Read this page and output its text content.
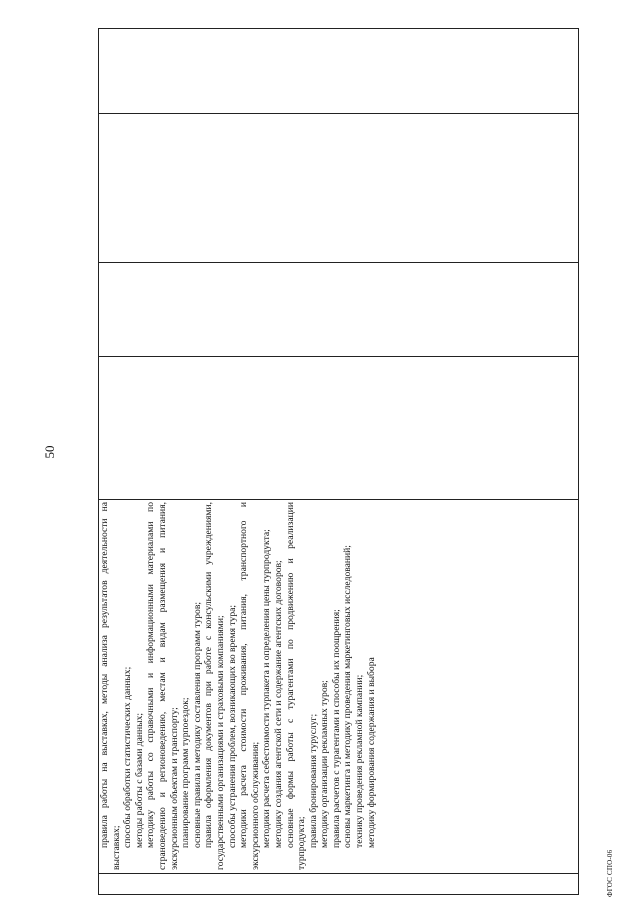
50

правила работы на выставках, методы анализа результатов деятельности на выставках; способы обработки статистических данных; методы работы с базами данных; методику работы со справочными и информационными материалами по страноведению и регионоведению, местам и видам размещения и питания, экскурсионным объектам и транспорту; планирование программ турпоездок; основные правила и методику составления программ туров; правила оформления документов при работе с консульскими учреждениями, государственными организациями и страховыми компаниями; способы устранения проблем, возникающих во время тура; методики расчета стоимости проживания, питания, транспортного и экскурсионного обслуживания; методики расчета себестоимости турпакета и определения цены турпродукта; методику создания агентской сети и содержание агентских договоров; основные формы работы с турагентами по продвижению и реализации турпродукта; правила бронирования туруслуг; методику организации рекламных туров; правила расчетов с турагентами и способы их поощрения; основы маркетинга и методику проведения маркетинговых исследований; технику проведения рекламной кампании; методику формирования содержания и выбора

ФГОС СПО-06
